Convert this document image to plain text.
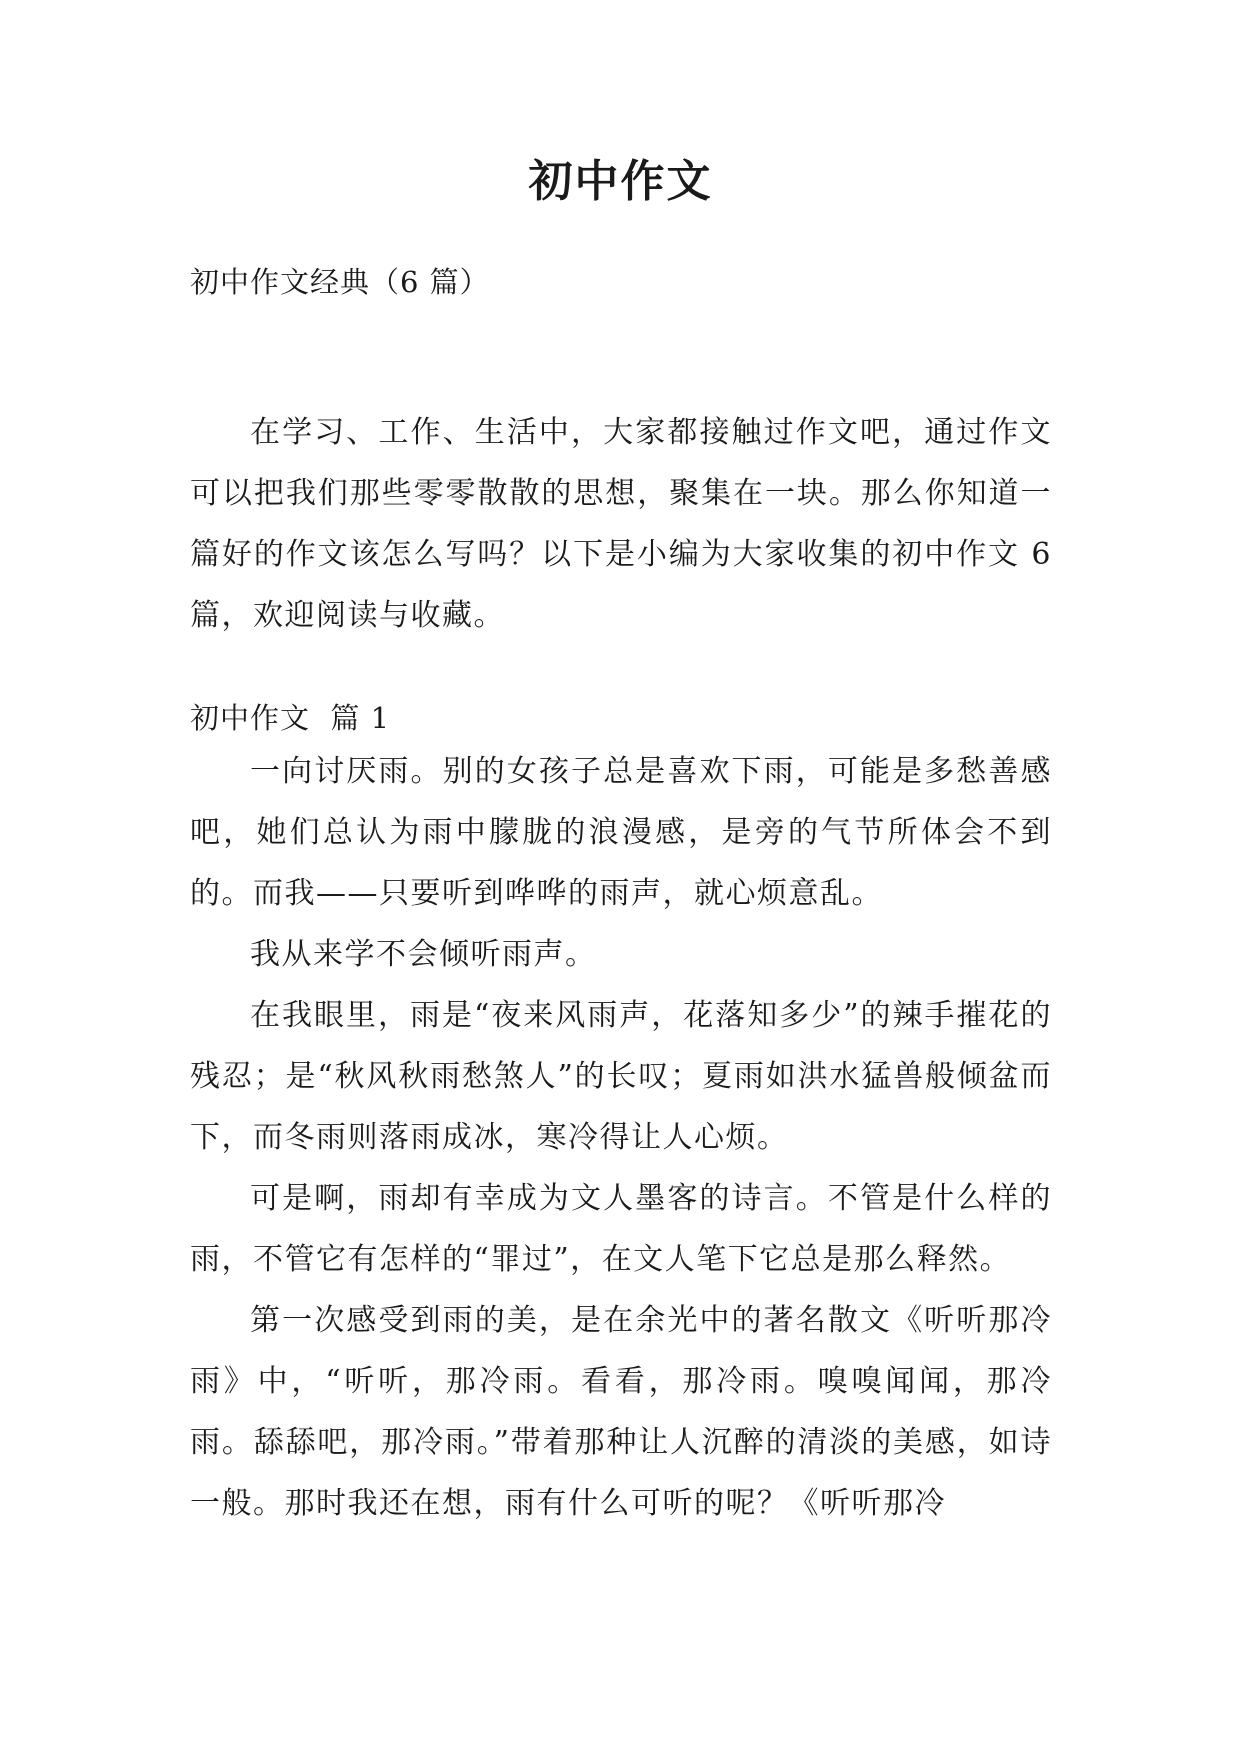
初中作文

初中作文经典（6 篇）

在学习、工作、生活中，大家都接触过作文吧，通过作文可以把我们那些零零散散的思想，聚集在一块。那么你知道一篇好的作文该怎么写吗？以下是小编为大家收集的初中作文 6 篇，欢迎阅读与收藏。

初中作文  篇 1

一向讨厌雨。别的女孩子总是喜欢下雨，可能是多愁善感吧，她们总认为雨中朦胧的浪漫感，是旁的气节所体会不到的。而我——只要听到哗哗的雨声，就心烦意乱。

我从来学不会倾听雨声。

在我眼里，雨是“夜来风雨声，花落知多少”的辣手摧花的残忍；是“秋风秋雨愁煞人”的长叹；夏雨如洪水猛兽般倾盆而下，而冬雨则落雨成冰，寒冷得让人心烦。

可是啊，雨却有幸成为文人墨客的诗言。不管是什么样的雨，不管它有怎样的“罪过”，在文人笔下它总是那么释然。

第一次感受到雨的美，是在余光中的著名散文《听听那冷雨》中，“听听，那冷雨。看看，那冷雨。嗅嗅闻闻，那冷雨。舔舔吧，那冷雨。”带着那种让人沉醉的清淡的美感，如诗一般。那时我还在想，雨有什么可听的呢？《听听那冷
